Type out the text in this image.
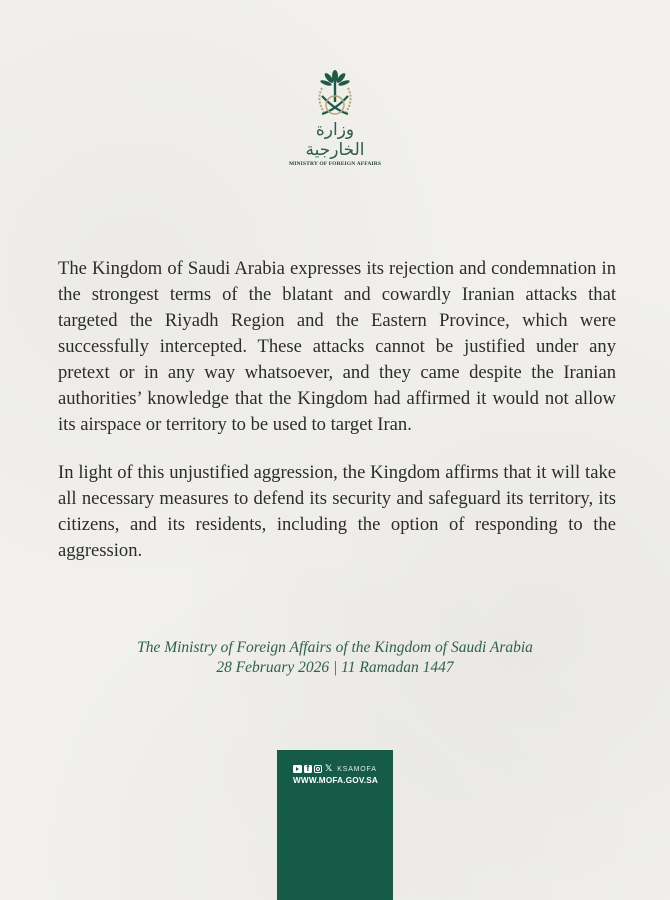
وزارة الخارجية
MINISTRY OF FOREIGN AFFAIRS

The Kingdom of Saudi Arabia expresses its rejection and condemnation in the strongest terms of the blatant and cowardly Iranian attacks that targeted the Riyadh Region and the Eastern Province, which were successfully intercepted. These attacks cannot be justified under any pretext or in any way whatsoever, and they came despite the Iranian authorities’ knowledge that the Kingdom had affirmed it would not allow its airspace or territory to be used to target Iran.

In light of this unjustified aggression, the Kingdom affirms that it will take all necessary measures to defend its security and safeguard its territory, its citizens, and its residents, including the option of responding to the aggression.

The Ministry of Foreign Affairs of the Kingdom of Saudi Arabia
28 February 2026 | 11 Ramadan 1447
f
𝕏 KSAMOFA
WWW.MOFA.GOV.SA
